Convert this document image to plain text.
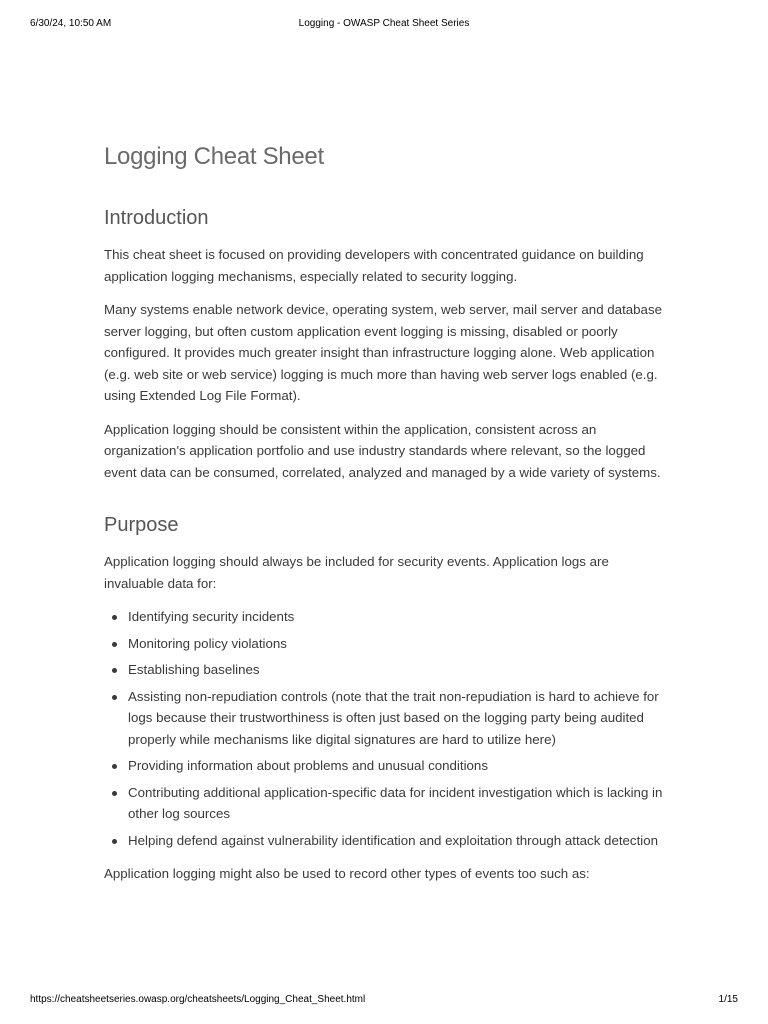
6/30/24, 10:50 AM	Logging - OWASP Cheat Sheet Series
Logging Cheat Sheet
Introduction

This cheat sheet is focused on providing developers with concentrated guidance on building application logging mechanisms, especially related to security logging.

Many systems enable network device, operating system, web server, mail server and database server logging, but often custom application event logging is missing, disabled or poorly configured. It provides much greater insight than infrastructure logging alone. Web application (e.g. web site or web service) logging is much more than having web server logs enabled (e.g. using Extended Log File Format).

Application logging should be consistent within the application, consistent across an organization's application portfolio and use industry standards where relevant, so the logged event data can be consumed, correlated, analyzed and managed by a wide variety of systems.

Purpose

Application logging should always be included for security events. Application logs are invaluable data for:

Identifying security incidents
Monitoring policy violations
Establishing baselines
Assisting non-repudiation controls (note that the trait non-repudiation is hard to achieve for logs because their trustworthiness is often just based on the logging party being audited properly while mechanisms like digital signatures are hard to utilize here)
Providing information about problems and unusual conditions
Contributing additional application-specific data for incident investigation which is lacking in other log sources
Helping defend against vulnerability identification and exploitation through attack detection

Application logging might also be used to record other types of events too such as:

https://cheatsheetseries.owasp.org/cheatsheets/Logging_Cheat_Sheet.html	1/15
